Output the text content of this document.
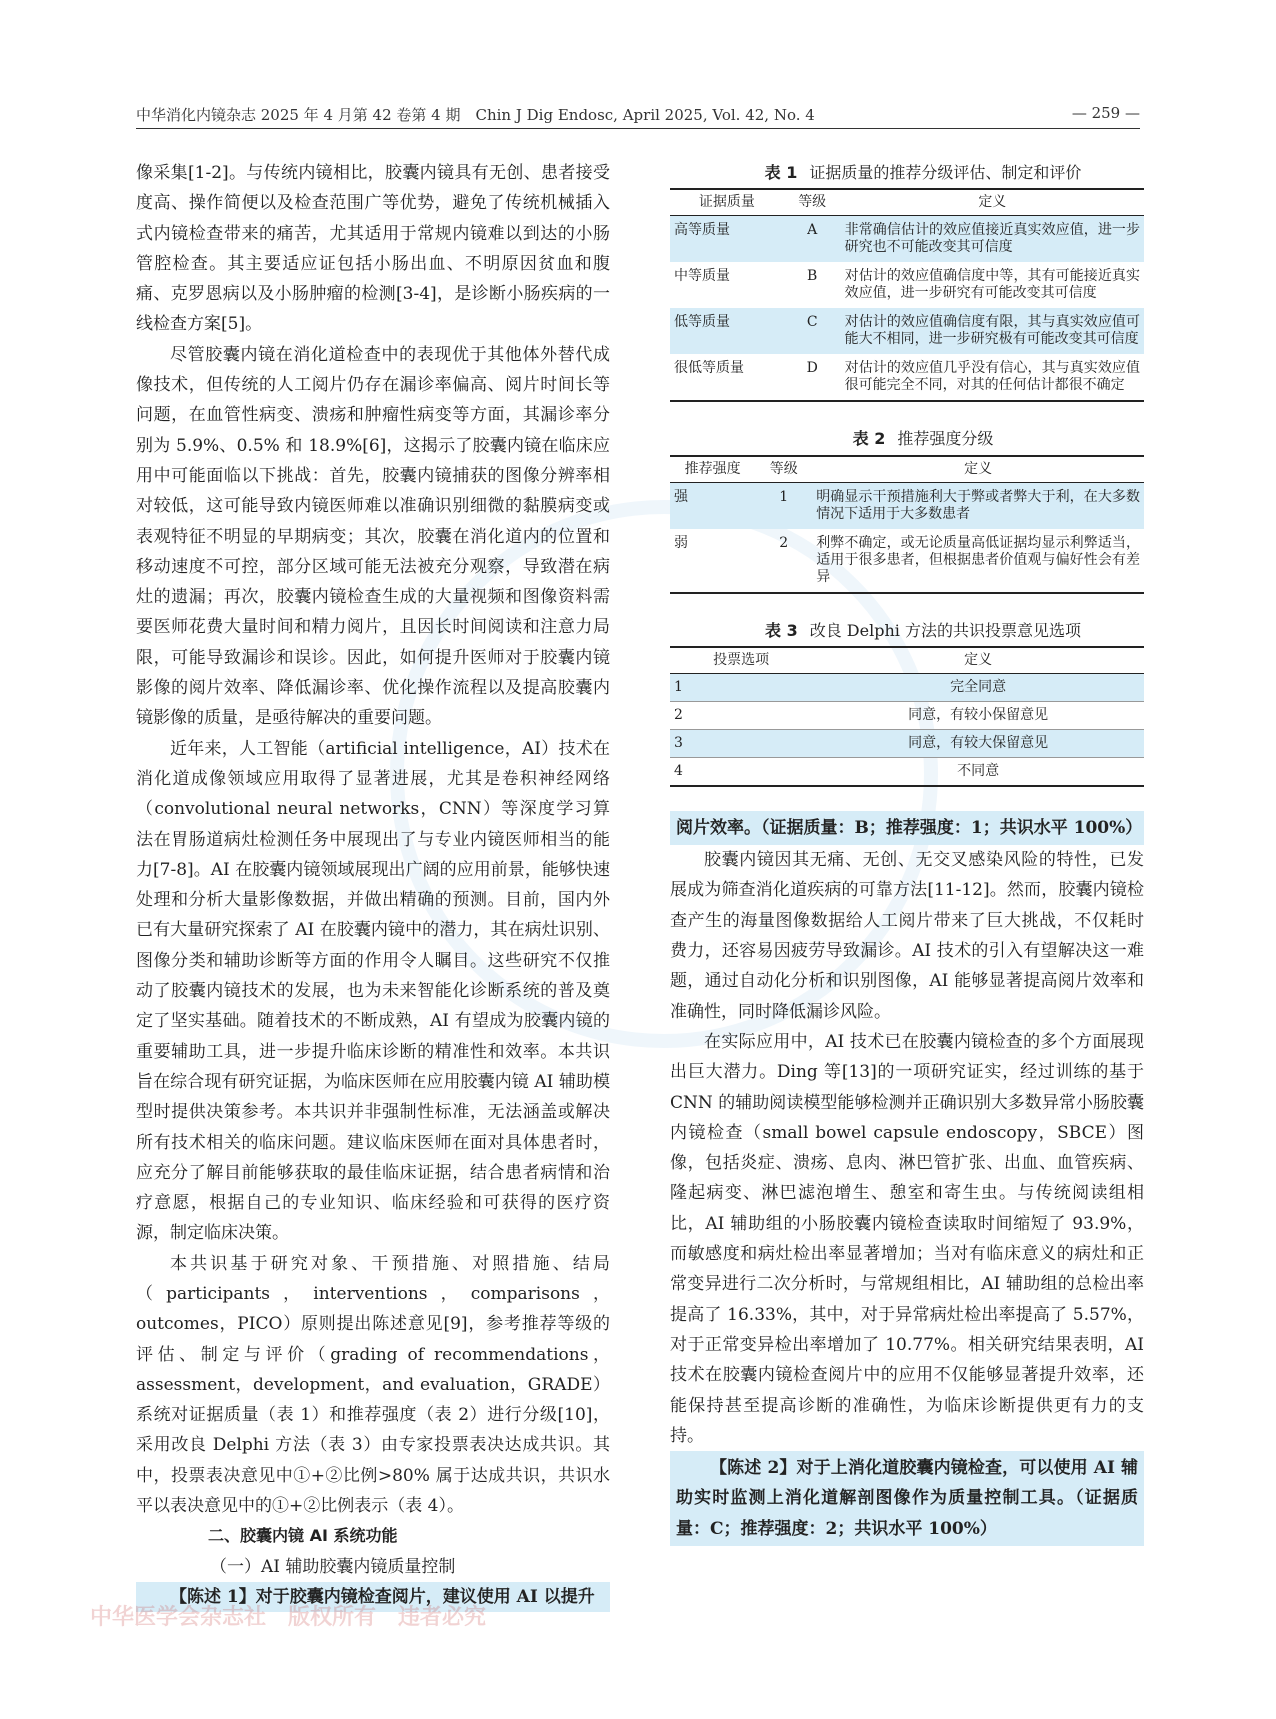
中华消化内镜杂志 2025 年 4 月第 42 卷第 4 期　Chin J Dig Endosc, April 2025, Vol. 42, No. 4	— 259 —

像采集[1-2]。与传统内镜相比，胶囊内镜具有无创、患者接受度高、操作简便以及检查范围广等优势，避免了传统机械插入式内镜检查带来的痛苦，尤其适用于常规内镜难以到达的小肠管腔检查。其主要适应证包括小肠出血、不明原因贫血和腹痛、克罗恩病以及小肠肿瘤的检测[3-4]，是诊断小肠疾病的一线检查方案[5]。

尽管胶囊内镜在消化道检查中的表现优于其他体外替代成像技术，但传统的人工阅片仍存在漏诊率偏高、阅片时间长等问题，在血管性病变、溃疡和肿瘤性病变等方面，其漏诊率分别为 5.9%、0.5% 和 18.9%[6]，这揭示了胶囊内镜在临床应用中可能面临以下挑战：首先，胶囊内镜捕获的图像分辨率相对较低，这可能导致内镜医师难以准确识别细微的黏膜病变或表观特征不明显的早期病变；其次，胶囊在消化道内的位置和移动速度不可控，部分区域可能无法被充分观察，导致潜在病灶的遗漏；再次，胶囊内镜检查生成的大量视频和图像资料需要医师花费大量时间和精力阅片，且因长时间阅读和注意力局限，可能导致漏诊和误诊。因此，如何提升医师对于胶囊内镜影像的阅片效率、降低漏诊率、优化操作流程以及提高胶囊内镜影像的质量，是亟待解决的重要问题。

近年来，人工智能（artificial intelligence，AI）技术在消化道成像领域应用取得了显著进展，尤其是卷积神经网络（convolutional neural networks，CNN）等深度学习算法在胃肠道病灶检测任务中展现出了与专业内镜医师相当的能力[7-8]。AI 在胶囊内镜领域展现出广阔的应用前景，能够快速处理和分析大量影像数据，并做出精确的预测。目前，国内外已有大量研究探索了 AI 在胶囊内镜中的潜力，其在病灶识别、图像分类和辅助诊断等方面的作用令人瞩目。这些研究不仅推动了胶囊内镜技术的发展，也为未来智能化诊断系统的普及奠定了坚实基础。随着技术的不断成熟，AI 有望成为胶囊内镜的重要辅助工具，进一步提升临床诊断的精准性和效率。本共识旨在综合现有研究证据，为临床医师在应用胶囊内镜 AI 辅助模型时提供决策参考。本共识并非强制性标准，无法涵盖或解决所有技术相关的临床问题。建议临床医师在面对具体患者时，应充分了解目前能够获取的最佳临床证据，结合患者病情和治疗意愿，根据自己的专业知识、临床经验和可获得的医疗资源，制定临床决策。

本共识基于研究对象、干预措施、对照措施、结局（participants，interventions，comparisons，outcomes，PICO）原则提出陈述意见[9]，参考推荐等级的评估、制定与评价（grading of recommendations，assessment，development，and evaluation，GRADE）系统对证据质量（表 1）和推荐强度（表 2）进行分级[10]，采用改良 Delphi 方法（表 3）由专家投票表决达成共识。其中，投票表决意见中①+②比例>80% 属于达成共识，共识水平以表决意见中的①+②比例表示（表 4）。

二、胶囊内镜 AI 系统功能

（一）AI 辅助胶囊内镜质量控制

【陈述 1】对于胶囊内镜检查阅片，建议使用 AI 以提升

表 1 证据质量的推荐分级评估、制定和评价

证据质量	等级	定义
高等质量	A	非常确信估计的效应值接近真实效应值，进一步研究也不可能改变其可信度
中等质量	B	对估计的效应值确信度中等，其有可能接近真实效应值，进一步研究有可能改变其可信度
低等质量	C	对估计的效应值确信度有限，其与真实效应值可能大不相同，进一步研究极有可能改变其可信度
很低等质量	D	对估计的效应值几乎没有信心，其与真实效应值很可能完全不同，对其的任何估计都很不确定

表 2 推荐强度分级

推荐强度	等级	定义
强	1	明确显示干预措施利大于弊或者弊大于利，在大多数情况下适用于大多数患者
弱	2	利弊不确定，或无论质量高低证据均显示利弊适当，适用于很多患者，但根据患者价值观与偏好性会有差异

表 3 改良 Delphi 方法的共识投票意见选项

投票选项	定义
1	完全同意
2	同意，有较小保留意见
3	同意，有较大保留意见
4	不同意

阅片效率。（证据质量：B；推荐强度：1；共识水平 100%）

胶囊内镜因其无痛、无创、无交叉感染风险的特性，已发展成为筛查消化道疾病的可靠方法[11-12]。然而，胶囊内镜检查产生的海量图像数据给人工阅片带来了巨大挑战，不仅耗时费力，还容易因疲劳导致漏诊。AI 技术的引入有望解决这一难题，通过自动化分析和识别图像，AI 能够显著提高阅片效率和准确性，同时降低漏诊风险。

在实际应用中，AI 技术已在胶囊内镜检查的多个方面展现出巨大潜力。Ding 等[13]的一项研究证实，经过训练的基于 CNN 的辅助阅读模型能够检测并正确识别大多数异常小肠胶囊内镜检查（small bowel capsule endoscopy，SBCE）图像，包括炎症、溃疡、息肉、淋巴管扩张、出血、血管疾病、隆起病变、淋巴滤泡增生、憩室和寄生虫。与传统阅读组相比，AI 辅助组的小肠胶囊内镜检查读取时间缩短了 93.9%，而敏感度和病灶检出率显著增加；当对有临床意义的病灶和正常变异进行二次分析时，与常规组相比，AI 辅助组的总检出率提高了 16.33%，其中，对于异常病灶检出率提高了 5.57%，对于正常变异检出率增加了 10.77%。相关研究结果表明，AI 技术在胶囊内镜检查阅片中的应用不仅能够显著提升效率，还能保持甚至提高诊断的准确性，为临床诊断提供更有力的支持。

【陈述 2】对于上消化道胶囊内镜检查，可以使用 AI 辅助实时监测上消化道解剖图像作为质量控制工具。（证据质量：C；推荐强度：2；共识水平 100%）

中华医学会杂志社　版权所有　违者必究
